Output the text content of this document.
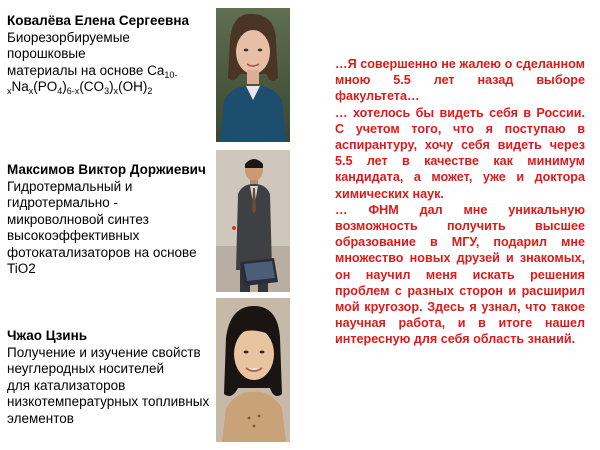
Ковалёва Елена Сергеевна
Биорезорбируемые порошковые
материалы на основе $Ca_{10-x}Na_x(PO_4)_{6-x}(CO_3)_x(OH)_2$
Максимов Виктор Доржиевич
Гидротермальный и
гидротермально -
микроволновой синтез
высокоэффективных
фотокатализаторов на основе
TiO2
Чжао Цзинь
Получение и изучение свойств
неуглеродных носителей
для катализаторов
низкотемпературных топливных
элементов

…Я совершенно не жалею о сделанном мною 5.5 лет назад выборе факультета…

… хотелось бы видеть себя в России. С учетом того, что я поступаю в аспирантуру, хочу себя видеть через 5.5 лет в качестве как минимум кандидата, а может, уже и доктора химических наук.

… ФНМ дал мне уникальную возможность получить высшее образование в МГУ, подарил мне множество новых друзей и знакомых, он научил меня искать решения проблем с разных сторон и расширил мой кругозор. Здесь я узнал, что такое научная работа, и в итоге нашел интересную для себя область знаний.
